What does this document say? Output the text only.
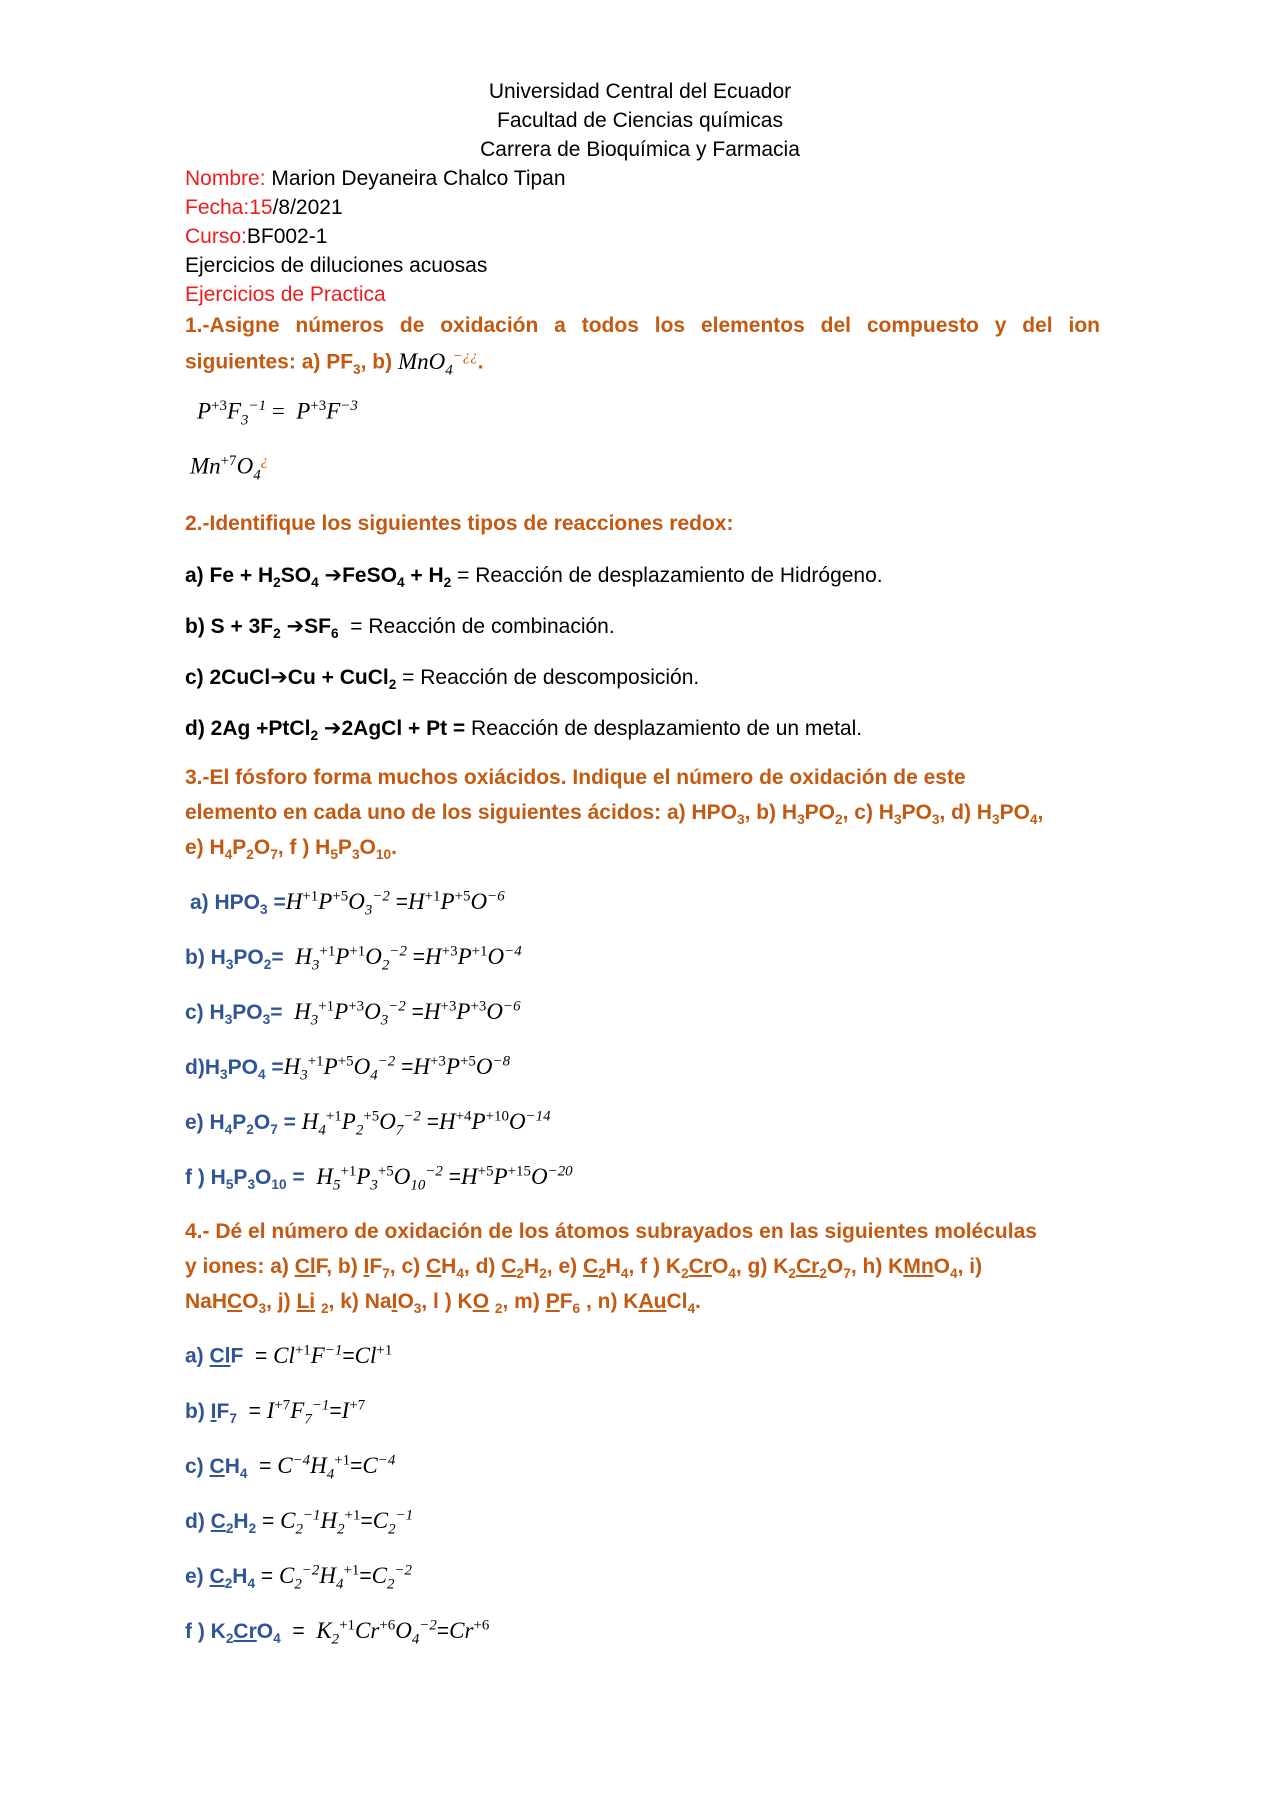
Universidad Central del Ecuador
Facultad de Ciencias químicas
Carrera de Bioquímica y Farmacia
Nombre: Marion Deyaneira Chalco Tipan
Fecha:15/8/2021
Curso:BF002-1
Ejercicios de diluciones acuosas
Ejercicios de Practica
1.-Asigne números de oxidación a todos los elementos del compuesto y del ion
siguientes: a) $PF_3$, b) MnO$_4$−¿¿.
$P^{+3}F_3^{-1} = P^{+3}F^{-3}$
$Mn^{+7}O_4^¿$
2.-Identifique los siguientes tipos de reacciones redox:
a) $Fe + H_2SO_4$ ➔FeSO$_4$ + $H_2$ = Reacción de desplazamiento de Hidrógeno.
b) $S + 3F_2$ $➔SF_6$  = Reacción de combinación.
c) 2CuCl➔Cu + CuCl$_2$ = Reacción de descomposición.
d) 2Ag +PtCl$_2$ ➔2AgCl + Pt = Reacción de desplazamiento de un metal.
3.-El fósforo forma muchos oxiácidos. Indique el número de oxidación de este
elemento en cada uno de los siguientes ácidos: a) $HPO_3$, b) $H_3PO_2$, c) $H_3PO_3$, d) $H_3PO_4$,
e) $H_4P_2O_7$, f ) $H_5P_3O_{10}$.
a) $HPO_3 =H^{+1}P^{+5}O_3^{-2} =H^{+1}P^{+5}O^{-6}$
b) $H_3PO_2= H_3^{+1}P^{+1}O_2^{-2} =H^{+3}P^{+1}O^{-4}$
c) $H_3PO_3= H_3^{+1}P^{+3}O_3^{-2} =H^{+3}P^{+3}O^{-6}$
$d)H_3PO_4 =H_3^{+1}P^{+5}O_4^{-2} =H^{+3}P^{+5}O^{-8}$
e) $H_4P_2O_7 = H_4^{+1}P_2^{+5}O_7^{-2} =H^{+4}P^{+10}O^{-14}$
f ) $H_5P_3O_{10} = H_5^{+1}P_3^{+5}O_{10}^{-2} =H^{+5}P^{+15}O^{-20}$
4.- Dé el número de oxidación de los átomos subrayados en las siguientes moléculas
y iones: a) ClF, b) $IF_7$, c) $CH_4$, d) $C_2H_2$, e) $C_2H_4$, f ) $K_2CrO_4$, g) $K_2Cr_2O_7$, h) KMnO$_4$, i)
NaHCO$_3$, j) Li $_2$, k) NaIO$_3$, l ) KO $_2$, m) $PF_6$ , n) KAuCl$_4$.
a) ClF  = $Cl^{+1}F^{-1}=Cl^{+1}$
b) $IF_7 = I^{+7}F_7^{-1}=I^{+7}$
c) $CH_4 = C^{-4}H_4^{+1}=C^{-4}$
d) $C_2H_2 = C_2^{-1}H_2^{+1}=C_2^{-1}$
e) $C_2H_4 = C_2^{-2}H_4^{+1}=C_2^{-2}$
f ) $K_2CrO_4 = K_2^{+1}Cr^{+6}O_4^{-2}=Cr^{+6}$
